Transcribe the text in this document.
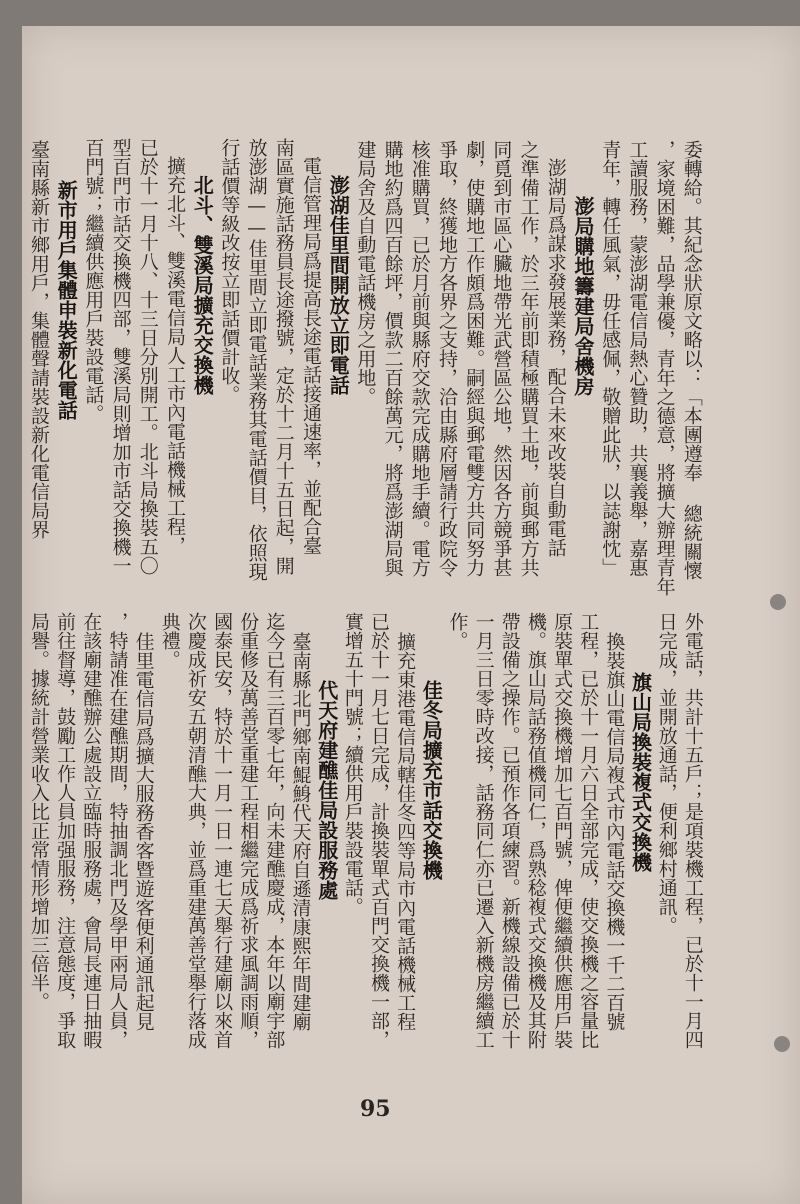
委轉給。其紀念狀原文略以：「本團遵奉 總統關懷
，家境困難，品學兼優，青年之德意，將擴大辦理青年
工讀服務，蒙澎湖電信局熱心贊助，共襄義舉，嘉惠
青年，轉任風氣，毋任感佩，敬贈此狀，以誌謝忱」
澎局購地籌建局舍機房
澎湖局爲謀求發展業務，配合未來改裝自動電話
之準備工作，於三年前即積極購買土地，前與郵方共
同覓到市區心臟地帶光武營區公地，然因各方競爭甚
劇，使購地工作頗爲困難。嗣經與郵電雙方共同努力
爭取，終獲地方各界之支持，洽由縣府層請行政院令
核准購買，已於月前與縣府交款完成購地手續。電方
購地約爲四百餘坪，價款二百餘萬元，將爲澎湖局與
建局舍及自動電話機房之用地。
澎湖佳里間開放立即電話
電信管理局爲提高長途電話接通速率，並配合臺
南區實施話務員長途撥號，定於十二月十五日起，開
放澎湖——佳里間立即電話業務其電話價目，依照現
行話價等級改按立即話價計收。
北斗、雙溪局擴充交換機
擴充北斗、雙溪電信局人工市內電話機械工程，
已於十一月十八、十三日分別開工。北斗局換裝五〇
型百門市話交換機四部，雙溪局則增加市話交換機一
百門號；繼續供應用戶裝設電話。
外電話，共計十五戶；是項裝機工程，已於十一月四
日完成，並開放通話，便利鄉村通訊。
旗山局換裝複式交換機
換裝旗山電信局複式市內電話交換機一千二百號
工程，已於十一月六日全部完成，使交換機之容量比
原裝單式交換機增加七百門號，俾便繼續供應用戶裝
機。旗山局話務值機同仁，爲熟稔複式交換機及其附
帶設備之操作。已預作各項練習。新機線設備已於十
一月三日零時改接，話務同仁亦已遷入新機房繼續工
作。
佳冬局擴充市話交換機
擴充東港電信局轄佳冬四等局市內電話機械工程
已於十一月七日完成，計換裝單式百門交換機一部，
實增五十門號；續供用戶裝設電話。
代天府建醮佳局設服務處
臺南縣北門鄉南鯤鯓代天府自遜清康熙年間建廟
迄今已有三百零七年，向未建醮慶成，本年以廟宇部
份重修及萬善堂重建工程相繼完成爲祈求風調雨順，
國泰民安，特於十一月一日一連七天舉行建廟以來首
次慶成祈安五朝清醮大典，並爲重建萬善堂舉行落成
典禮。
佳里電信局爲擴大服務香客暨遊客便利通訊起見
，特請准在建醮期間，特抽調北門及學甲兩局人員，
在該廟建醮辦公處設立臨時服務處，會局長連日抽暇
前往督導，鼓勵工作人員加强服務，注意態度，爭取
新市用戶集體申裝新化電話
95
臺南縣新市鄉用戶，集體聲請裝設新化電信局界
局譽。據統計營業收入比正常情形增加三倍半。
